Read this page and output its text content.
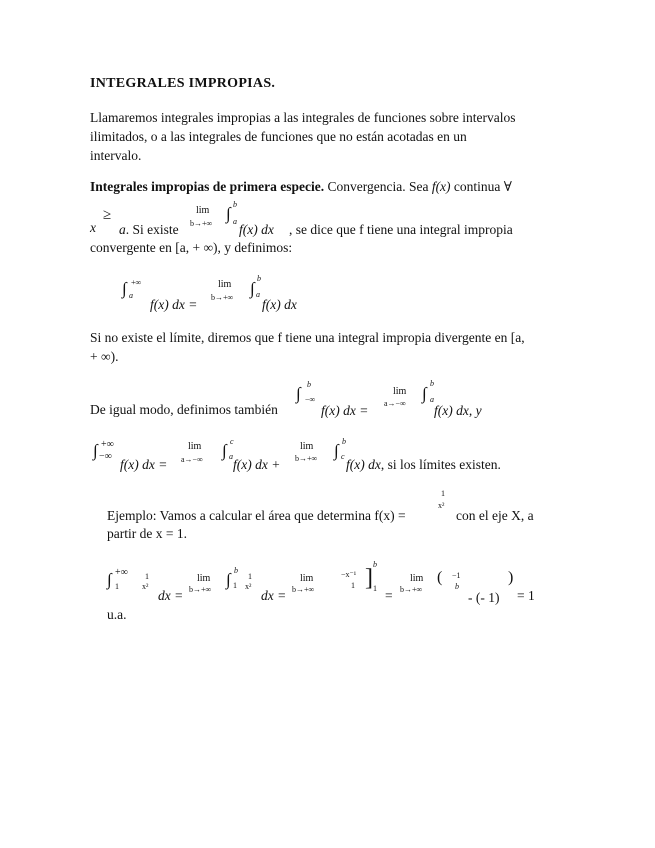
INTEGRALES IMPROPIAS.
Llamaremos integrales impropias a las integrales de funciones sobre intervalos
ilimitados, o a las integrales de funciones que no están acotadas en un
intervalo.
Integrales impropias de primera especie. Convergencia. Sea f(x) continua ∀
x
≥
a. Si existe
lim
b→+∞
∫ b
a
f(x) dx , se dice que f tiene una integral impropia
convergente en [a, + ∞), y definimos:
∫ +∞
a
f(x) dx =
lim
b→+∞ ∫
b
a
f(x) dx
Si no existe el límite, diremos que f tiene una integral impropia divergente en [a,
+ ∞).
De igual modo, definimos también
∫ b
−∞
f(x) dx =
lim
a→−∞
∫
b
a
f(x) dx, y
∫ +∞
−∞
f(x) dx =
lim
a→−∞ ∫ c
a
f(x) dx +
lim
b→+∞ ∫ b
c
f(x) dx, si los límites existen.
Ejemplo: Vamos a calcular el área que determina f(x) =
1
x²
con el eje X, a
partir de x = 1.
∫ +∞
1
1
x²
dx =
lim
b→+∞
∫ b
1
1
x²
dx =
lim
b→+∞
−x⁻¹
1 ]
b
1 =
lim
b→+∞
( −1
b
- (- 1)
)
= 1
u.a.
